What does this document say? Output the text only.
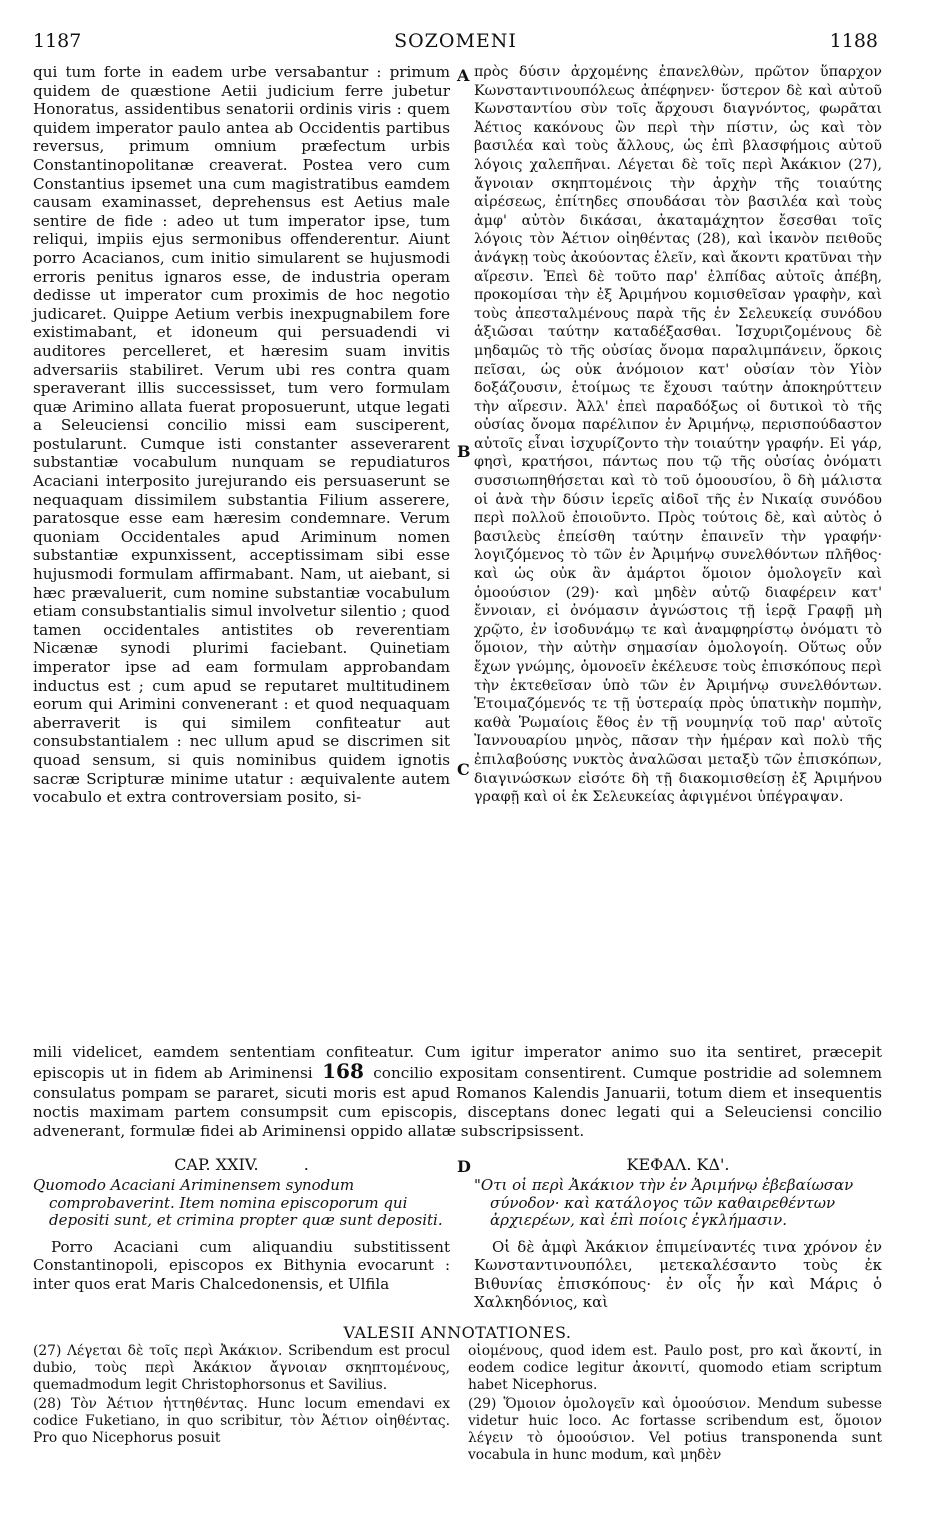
1187	SOZOMENI	1188

qui tum forte in eadem urbe versabantur : primum quidem de quæstione Aetii judicium ferre jubetur Honoratus, assidentibus senatorii ordinis viris : quem quidem imperator paulo antea ab Occidentis partibus reversus, primum omnium præfectum urbis Constantinopolitanæ creaverat. Postea vero cum Constantius ipsemet una cum magistratibus eamdem causam examinasset, deprehensus est Aetius male sentire de fide : adeo ut tum imperator ipse, tum reliqui, impiis ejus sermonibus offenderentur. Aiunt porro Acacianos, cum initio simularent se hujusmodi erroris penitus ignaros esse, de industria operam dedisse ut imperator cum proximis de hoc negotio judicaret. Quippe Aetium verbis inexpugnabilem fore existimabant, et idoneum qui persuadendi vi auditores percelleret, et hæresim suam invitis adversariis stabiliret. Verum ubi res contra quam speraverant illis successisset, tum vero formulam quæ Arimino allata fuerat proposuerunt, utque legati a Seleuciensi concilio missi eam susciperent, postularunt. Cumque isti constanter asseverarent substantiæ vocabulum nunquam se repudiaturos Acaciani interposito jurejurando eis persuaserunt se nequaquam dissimilem substantia Filium asserere, paratosque esse eam hæresim condemnare. Verum quoniam Occidentales apud Ariminum nomen substantiæ expunxissent, acceptissimam sibi esse hujusmodi formulam affirmabant. Nam, ut aiebant, si hæc prævaluerit, cum nomine substantiæ vocabulum etiam consubstantialis simul involvetur silentio ; quod tamen occidentales antistites ob reverentiam Nicænæ synodi plurimi faciebant. Quinetiam imperator ipse ad eam formulam approbandam inductus est ; cum apud se reputaret multitudinem eorum qui Arimini convenerant : et quod nequaquam aberraverit is qui similem confiteatur aut consubstantialem : nec ullum apud se discrimen sit quoad sensum, si quis nominibus quidem ignotis sacræ Scripturæ minime utatur : æquivalente autem vocabulo et extra controversiam posito, si-

A
B
C
D

πρὸς δύσιν ἀρχομένης ἐπανελθὼν, πρῶτον ὕπαρχον Κωνσταντινουπόλεως ἀπέφηνεν· ὕστερον δὲ καὶ αὐτοῦ Κωνσταντίου σὺν τοῖς ἄρχουσι διαγνόντος, φωρᾶται Ἀέτιος κακόνους ὢν περὶ τὴν πίστιν, ὡς καὶ τὸν βασιλέα καὶ τοὺς ἄλλους, ὡς ἐπὶ βλασφήμοις αὐτοῦ λόγοις χαλεπῆναι. Λέγεται δὲ τοῖς περὶ Ἀκάκιον (27), ἄγνοιαν σκηπτομένοις τὴν ἀρχὴν τῆς τοιαύτης αἱρέσεως, ἐπίτηδες σπουδάσαι τὸν βασιλέα καὶ τοὺς ἀμφ' αὐτὸν δικάσαι, ἀκαταμάχητον ἔσεσθαι τοῖς λόγοις τὸν Ἀέτιον οἰηθέντας (28), καὶ ἱκανὸν πειθοῦς ἀνάγκῃ τοὺς ἀκούοντας ἑλεῖν, καὶ ἄκοντι κρατῦναι τὴν αἵρεσιν. Ἐπεὶ δὲ τοῦτο παρ' ἐλπίδας αὐτοῖς ἀπέβη, προκομίσαι τὴν ἐξ Ἀριμήνου κομισθεῖσαν γραφὴν, καὶ τοὺς ἀπεσταλμένους παρὰ τῆς ἐν Σελευκείᾳ συνόδου ἀξιῶσαι ταύτην καταδέξασθαι. Ἰσχυριζομένους δὲ μηδαμῶς τὸ τῆς οὐσίας ὄνομα παραλιμπάνειν, ὅρκοις πεῖσαι, ὡς οὐκ ἀνόμοιον κατ' οὐσίαν τὸν Υἱὸν δοξάζουσιν, ἑτοίμως τε ἔχουσι ταύτην ἀποκηρύττειν τὴν αἵρεσιν. Ἀλλ' ἐπεὶ παραδόξως οἱ δυτικοὶ τὸ τῆς οὐσίας ὄνομα παρέλιπον ἐν Ἀριμήνῳ, περισπούδαστον αὐτοῖς εἶναι ἰσχυρίζοντο τὴν τοιαύτην γραφήν. Εἰ γάρ, φησὶ, κρατήσοι, πάντως που τῷ τῆς οὐσίας ὀνόματι συσσιωπηθήσεται καὶ τὸ τοῦ ὁμοουσίου, ὃ δὴ μάλιστα οἱ ἀνὰ τὴν δύσιν ἱερεῖς αἰδοῖ τῆς ἐν Νικαίᾳ συνόδου περὶ πολλοῦ ἐποιοῦντο. Πρὸς τούτοις δὲ, καὶ αὐτὸς ὁ βασιλεὺς ἐπείσθη ταύτην ἐπαινεῖν τὴν γραφήν· λογιζόμενος τὸ τῶν ἐν Ἀριμήνῳ συνελθόντων πλῆθος· καὶ ὡς οὐκ ἂν ἁμάρτοι ὅμοιον ὁμολογεῖν καὶ ὁμοούσιον (29)· καὶ μηδὲν αὐτῷ διαφέρειν κατ' ἔννοιαν, εἰ ὀνόμασιν ἀγνώστοις τῇ ἱερᾷ Γραφῇ μὴ χρῷτο, ἐν ἰσοδυνάμῳ τε καὶ ἀναμφηρίστῳ ὀνόματι τὸ ὅμοιον, τὴν αὐτὴν σημασίαν ὁμολογοίη. Οὕτως οὖν ἔχων γνώμης, ὁμονοεῖν ἐκέλευσε τοὺς ἐπισκόπους περὶ τὴν ἐκτεθεῖσαν ὑπὸ τῶν ἐν Ἀριμήνῳ συνελθόντων. Ἑτοιμαζόμενός τε τῇ ὑστεραίᾳ πρὸς ὑπατικὴν πομπὴν, καθὰ Ῥωμαίοις ἔθος ἐν τῇ νουμηνίᾳ τοῦ παρ' αὐτοῖς Ἰαννουαρίου μηνὸς, πᾶσαν τὴν ἡμέραν καὶ πολὺ τῆς ἐπιλαβούσης νυκτὸς ἀναλῶσαι μεταξὺ τῶν ἐπισκόπων, διαγινώσκων εἰσότε δὴ τῇ διακομισθείσῃ ἐξ Ἀριμήνου γραφῇ καὶ οἱ ἐκ Σελευκείας ἀφιγμένοι ὑπέγραψαν.

mili videlicet, eamdem sententiam confiteatur. Cum igitur imperator animo suo ita sentiret, præcepit episcopis ut in fidem ab Ariminensi 168 concilio expositam consentirent. Cumque postridie ad solemnem consulatus pompam se pararet, sicuti moris est apud Romanos Kalendis Januarii, totum diem et insequentis noctis maximam partem consumpsit cum episcopis, disceptans donec legati qui a Seleuciensi concilio advenerant, formulæ fidei ab Ariminensi oppido allatæ subscripsissent.
CAP. XXIV.	.
Quomodo Acaciani Ariminensem synodum comprobaverint. Item nomina episcoporum qui depositi sunt, et crimina propter quæ sunt depositi.
Porro Acaciani cum aliquandiu substitissent Constantinopoli, episcopos ex Bithynia evocarunt : inter quos erat Maris Chalcedonensis, et Ulfila
ΚΕΦΑΛ. ΚΔ'.
"Οτι οἱ περὶ Ἀκάκιον τὴν ἐν Ἀριμήνῳ ἐβεβαίωσαν σύνοδον· καὶ κατάλογος τῶν καθαιρεθέντων ἀρχιερέων, καὶ ἐπὶ ποίοις ἐγκλήμασιν.
Οἱ δὲ ἀμφὶ Ἀκάκιον ἐπιμείναντές τινα χρόνον ἐν Κωνσταντινουπόλει, μετεκαλέσαντο τοὺς ἐκ Βιθυνίας ἐπισκόπους· ἐν οἷς ἦν καὶ Μάρις ὁ Χαλκηδόνιος, καὶ
VALESII ANNOTATIONES.

(27) Λέγεται δὲ τοῖς περὶ Ἀκάκιον. Scribendum est procul dubio, τοὺς περὶ Ἀκάκιον ἄγνοιαν σκηπτομένους, quemadmodum legit Christophorsonus et Savilius.

(28) Τὸν Ἀέτιον ἡττηθέντας. Hunc locum emendavi ex codice Fuketiano, in quo scribitur, τὸν Ἀέτιον οἰηθέντας. Pro quo Nicephorus posuit

οἰομένους, quod idem est. Paulo post, pro καὶ ἄκοντί, in eodem codice legitur ἀκονιτί, quomodo etiam scriptum habet Nicephorus.

(29) Ὅμοιον ὁμολογεῖν καὶ ὁμοούσιον. Mendum subesse videtur huic loco. Ac fortasse scribendum est, ὅμοιον λέγειν τὸ ὁμοούσιον. Vel potius transponenda sunt vocabula in hunc modum, καὶ μηδὲν
